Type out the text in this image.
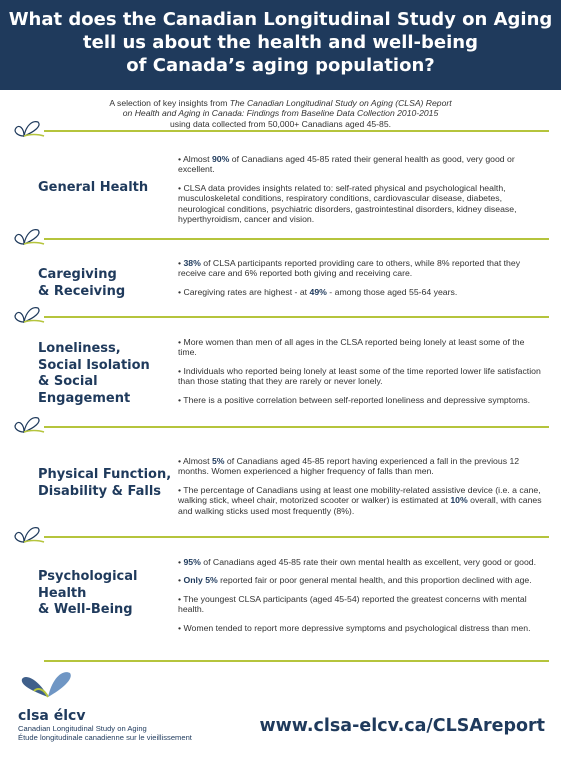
What does the Canadian Longitudinal Study on Aging
tell us about the health and well-being
of Canada’s aging population?
A selection of key insights from The Canadian Longitudinal Study on Aging (CLSA) Report
on Health and Aging in Canada: Findings from Baseline Data Collection 2010-2015
using data collected from 50,000+ Canadians aged 45-85.
General Health
• Almost 90% of Canadians aged 45-85 rated their general health as good, very good or excellent.
• CLSA data provides insights related to: self-rated physical and psychological health, musculoskeletal conditions, respiratory conditions, cardiovascular disease, diabetes, neurological conditions, psychiatric disorders, gastrointestinal disorders, kidney disease, hyperthyroidism, cancer and vision.
Caregiving
& Receiving
• 38% of CLSA participants reported providing care to others, while 8% reported that they receive care and 6% reported both giving and receiving care.
• Caregiving rates are highest - at 49% - among those aged 55-64 years.
Loneliness,
Social Isolation
& Social
Engagement
• More women than men of all ages in the CLSA reported being lonely at least some of the time.
• Individuals who reported being lonely at least some of the time reported lower life satisfaction than those stating that they are rarely or never lonely.
• There is a positive correlation between self-reported loneliness and depressive symptoms.
Physical Function,
Disability & Falls
• Almost 5% of Canadians aged 45-85 report having experienced a fall in the previous 12 months. Women experienced a higher frequency of falls than men.
• The percentage of Canadians using at least one mobility-related assistive device (i.e. a cane, walking stick, wheel chair, motorized scooter or walker) is estimated at 10% overall, with canes and walking sticks used most frequently (8%).
Psychological
Health
& Well-Being
• 95% of Canadians aged 45-85 rate their own mental health as excellent, very good or good.
• Only 5% reported fair or poor general mental health, and this proportion declined with age.
• The youngest CLSA participants (aged 45-54) reported the greatest concerns with mental health.
• Women tended to report more depressive symptoms and psychological distress than men.
clsa élcv
Canadian Longitudinal Study on Aging
Étude longitudinale canadienne sur le vieillissement
www.clsa-elcv.ca/CLSAreport
